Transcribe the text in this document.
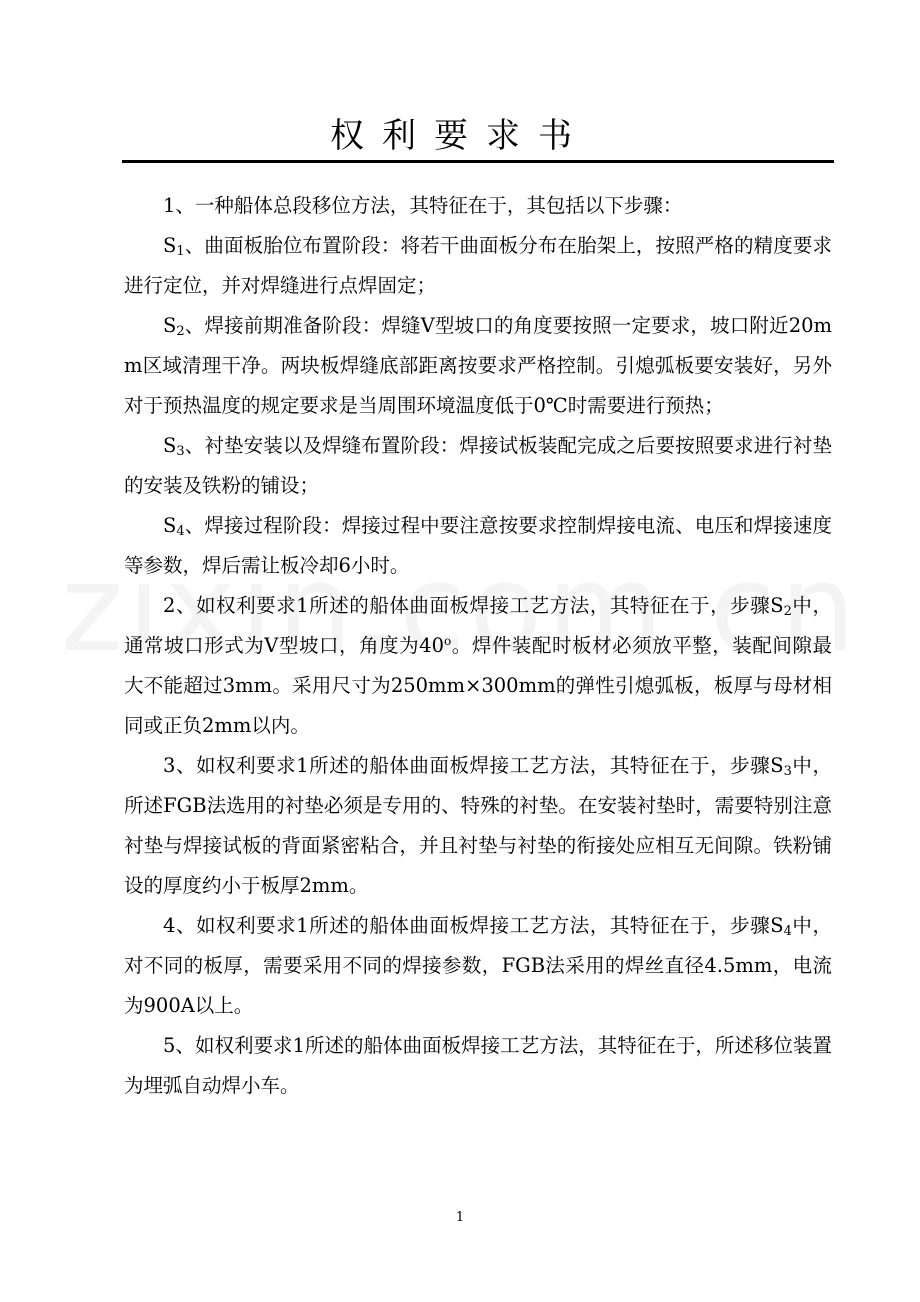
权利要求书

1、一种船体总段移位方法，其特征在于，其包括以下步骤：

$S_1$、曲面板胎位布置阶段：将若干曲面板分布在胎架上，按照严格的精度要求进行定位，并对焊缝进行点焊固定；

$S_2$、焊接前期准备阶段：焊缝V型坡口的角度要按照一定要求，坡口附近20mm区域清理干净。两块板焊缝底部距离按要求严格控制。引熄弧板要安装好，另外对于预热温度的规定要求是当周围环境温度低于0℃时需要进行预热；

$S_3$、衬垫安装以及焊缝布置阶段：焊接试板装配完成之后要按照要求进行衬垫的安装及铁粉的铺设；

$S_4$、焊接过程阶段：焊接过程中要注意按要求控制焊接电流、电压和焊接速度等参数，焊后需让板冷却6小时。

2、如权利要求1所述的船体曲面板焊接工艺方法，其特征在于，步骤$S_2$中，通常坡口形式为V型坡口，角度为40$^o$。焊件装配时板材必须放平整，装配间隙最大不能超过3mm。采用尺寸为250mm×300mm的弹性引熄弧板，板厚与母材相同或正负2mm以内。

3、如权利要求1所述的船体曲面板焊接工艺方法，其特征在于，步骤$S_3$中，所述FGB法选用的衬垫必须是专用的、特殊的衬垫。在安装衬垫时，需要特别注意衬垫与焊接试板的背面紧密粘合，并且衬垫与衬垫的衔接处应相互无间隙。铁粉铺设的厚度约小于板厚2mm。

4、如权利要求1所述的船体曲面板焊接工艺方法，其特征在于，步骤$S_4$中，对不同的板厚，需要采用不同的焊接参数，FGB法采用的焊丝直径4.5mm，电流为900A以上。

5、如权利要求1所述的船体曲面板焊接工艺方法，其特征在于，所述移位装置为埋弧自动焊小车。

1
